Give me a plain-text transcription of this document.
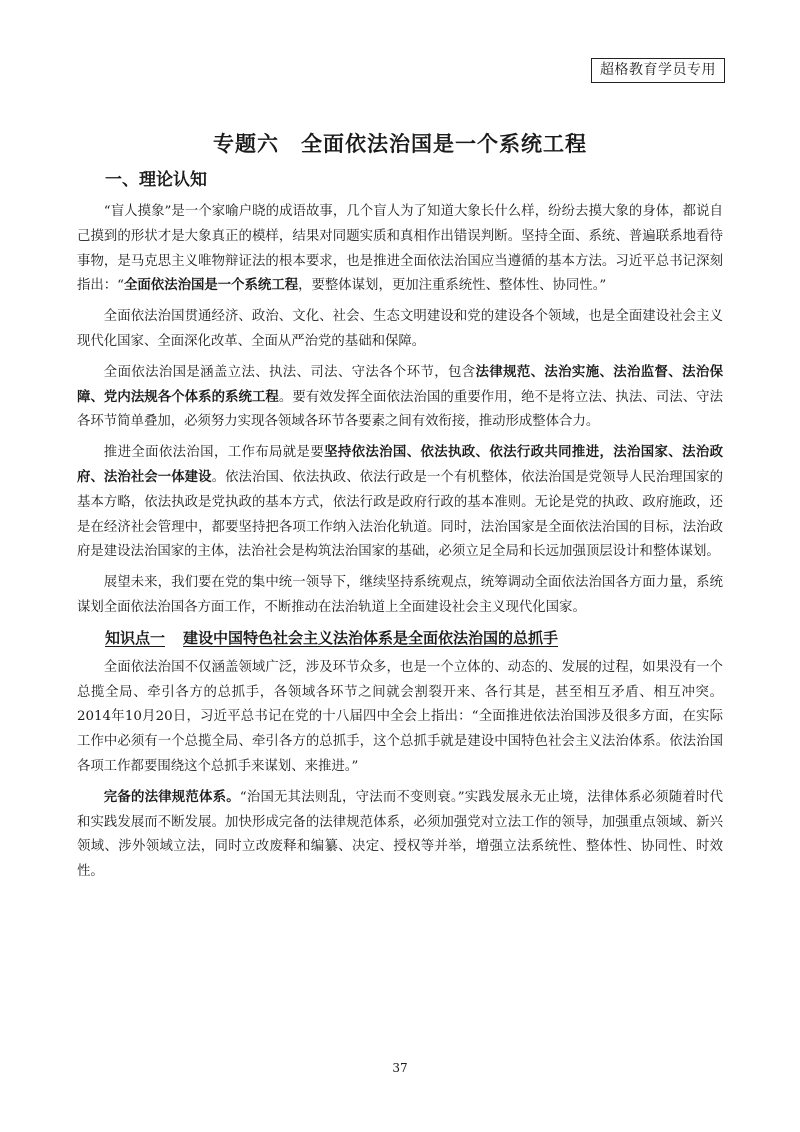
超格教育学员专用
专题六 全面依法治国是一个系统工程
一、理论认知

“盲人摸象”是一个家喻户晓的成语故事，几个盲人为了知道大象长什么样，纷纷去摸大象的身体，都说自己摸到的形状才是大象真正的模样，结果对同题实质和真相作出错误判断。坚持全面、系统、普遍联系地看待事物，是马克思主义唯物辩证法的根本要求，也是推进全面依法治国应当遵循的基本方法。习近平总书记深刻指出：“全面依法治国是一个系统工程，要整体谋划，更加注重系统性、整体性、协同性。”

全面依法治国贯通经济、政治、文化、社会、生态文明建设和党的建设各个领域，也是全面建设社会主义现代化国家、全面深化改革、全面从严治党的基础和保障。

全面依法治国是涵盖立法、执法、司法、守法各个环节，包含法律规范、法治实施、法治监督、法治保障、党内法规各个体系的系统工程。要有效发挥全面依法治国的重要作用，绝不是将立法、执法、司法、守法各环节简单叠加，必须努力实现各领域各环节各要素之间有效衔接，推动形成整体合力。

推进全面依法治国，工作布局就是要坚持依法治国、依法执政、依法行政共同推进，法治国家、法治政府、法治社会一体建设。依法治国、依法执政、依法行政是一个有机整体，依法治国是党领导人民治理国家的基本方略，依法执政是党执政的基本方式，依法行政是政府行政的基本准则。无论是党的执政、政府施政，还是在经济社会管理中，都要坚持把各项工作纳入法治化轨道。同时，法治国家是全面依法治国的目标，法治政府是建设法治国家的主体，法治社会是构筑法治国家的基础，必须立足全局和长远加强顶层设计和整体谋划。

展望未来，我们要在党的集中统一领导下，继续坚持系统观点，统筹调动全面依法治国各方面力量，系统谋划全面依法治国各方面工作，不断推动在法治轨道上全面建设社会主义现代化国家。

知识点一 建设中国特色社会主义法治体系是全面依法治国的总抓手

全面依法治国不仅涵盖领域广泛，涉及环节众多，也是一个立体的、动态的、发展的过程，如果没有一个总揽全局、牵引各方的总抓手，各领域各环节之间就会割裂开来、各行其是，甚至相互矛盾、相互冲突。2014年10月20日，习近平总书记在党的十八届四中全会上指出：“全面推进依法治国涉及很多方面，在实际工作中必须有一个总揽全局、牵引各方的总抓手，这个总抓手就是建设中国特色社会主义法治体系。依法治国各项工作都要围绕这个总抓手来谋划、来推进。”

完备的法律规范体系。“治国无其法则乱，守法而不变则衰。”实践发展永无止境，法律体系必须随着时代和实践发展而不断发展。加快形成完备的法律规范体系，必须加强党对立法工作的领导，加强重点领域、新兴领域、涉外领域立法，同时立改废释和编纂、决定、授权等并举，增强立法系统性、整体性、协同性、时效性。

37
